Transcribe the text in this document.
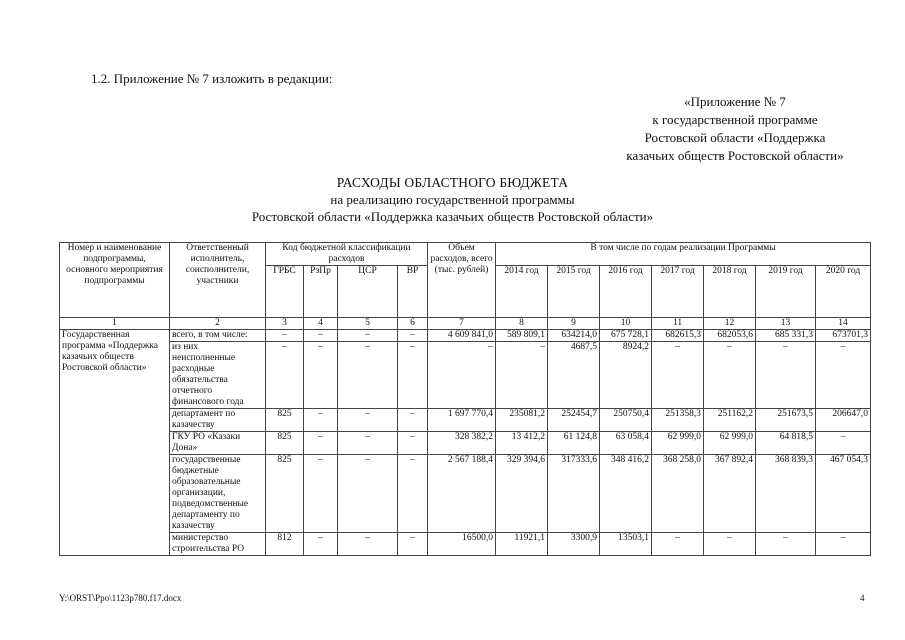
1.2. Приложение № 7 изложить в редакции:
«Приложение № 7
к государственной программе
Ростовской области «Поддержка
казачьих обществ Ростовской области»
РАСХОДЫ ОБЛАСТНОГО БЮДЖЕТА
на реализацию государственной программы
Ростовской области «Поддержка казачьих обществ Ростовской области»
Номер и наименование подпрограммы, основного мероприятия подпрограммы	Ответственный исполнитель, соисполнители, участники	Код бюджетной классификации расходов				Объем расходов, всего (тыс. рублей)	В том числе по годам реализации Программы						
		ГРБС	РзПр	ЦСР	ВР		2014 год	2015 год	2016 год	2017 год	2018 год	2019 год	2020 год

1	2	3	4	5	6	7	8	9	10	11	12	13	14
Государственная программа «Поддержка казачьих обществ Ростовской области»	всего, в том числе:	–	–	–	–	4 609 841,0	589 809,1	634214,0	675 728,1	682615,3	682053,6	685 331,3	673701,3
	из них неисполненные расходные обязательства отчетного финансового года	–	–	–	–	–	–	4687,5	8924,2	–	–	–	–
	департамент по казачеству	825	–	–	–	1 697 770,4	235081,2	252454,7	250750,4	251358,3	251162,2	251673,5	206647,0
	ГКУ РО «Казаки Дона»	825	–	–	–	328 382,2	13 412,2	61 124,8	63 058,4	62 999,0	62 999,0	64 818,5	–
	государственные бюджетные образовательные организации, подведомственные департаменту по казачеству	825	–	–	–	2 567 188,4	329 394,6	317333,6	348 416,2	368 258,0	367 892,4	368 839,3	467 054,3
	министерство строительства РО	812	–	–	–	16500,0	11921,1	3300,9	13503,1	–	–	–	–
Y:\ORST\Ppo\1123p780.f17.docx	4
